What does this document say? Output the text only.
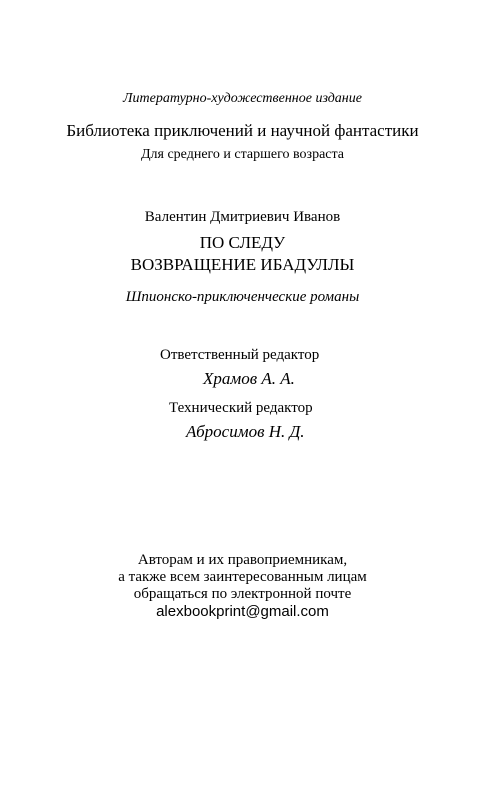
Литературно-художественное издание
Библиотека приключений и научной фантастики
Для среднего и старшего возраста
Валентин Дмитриевич Иванов
ПО СЛЕДУ
ВОЗВРАЩЕНИЕ ИБАДУЛЛЫ
Шпионско-приключенческие романы
Ответственный редактор
Храмов А. А.
Технический редактор
Абросимов Н. Д.
Авторам и их правоприемникам,
а также всем заинтересованным лицам
обращаться по электронной почте
alexbookprint@gmail.com
